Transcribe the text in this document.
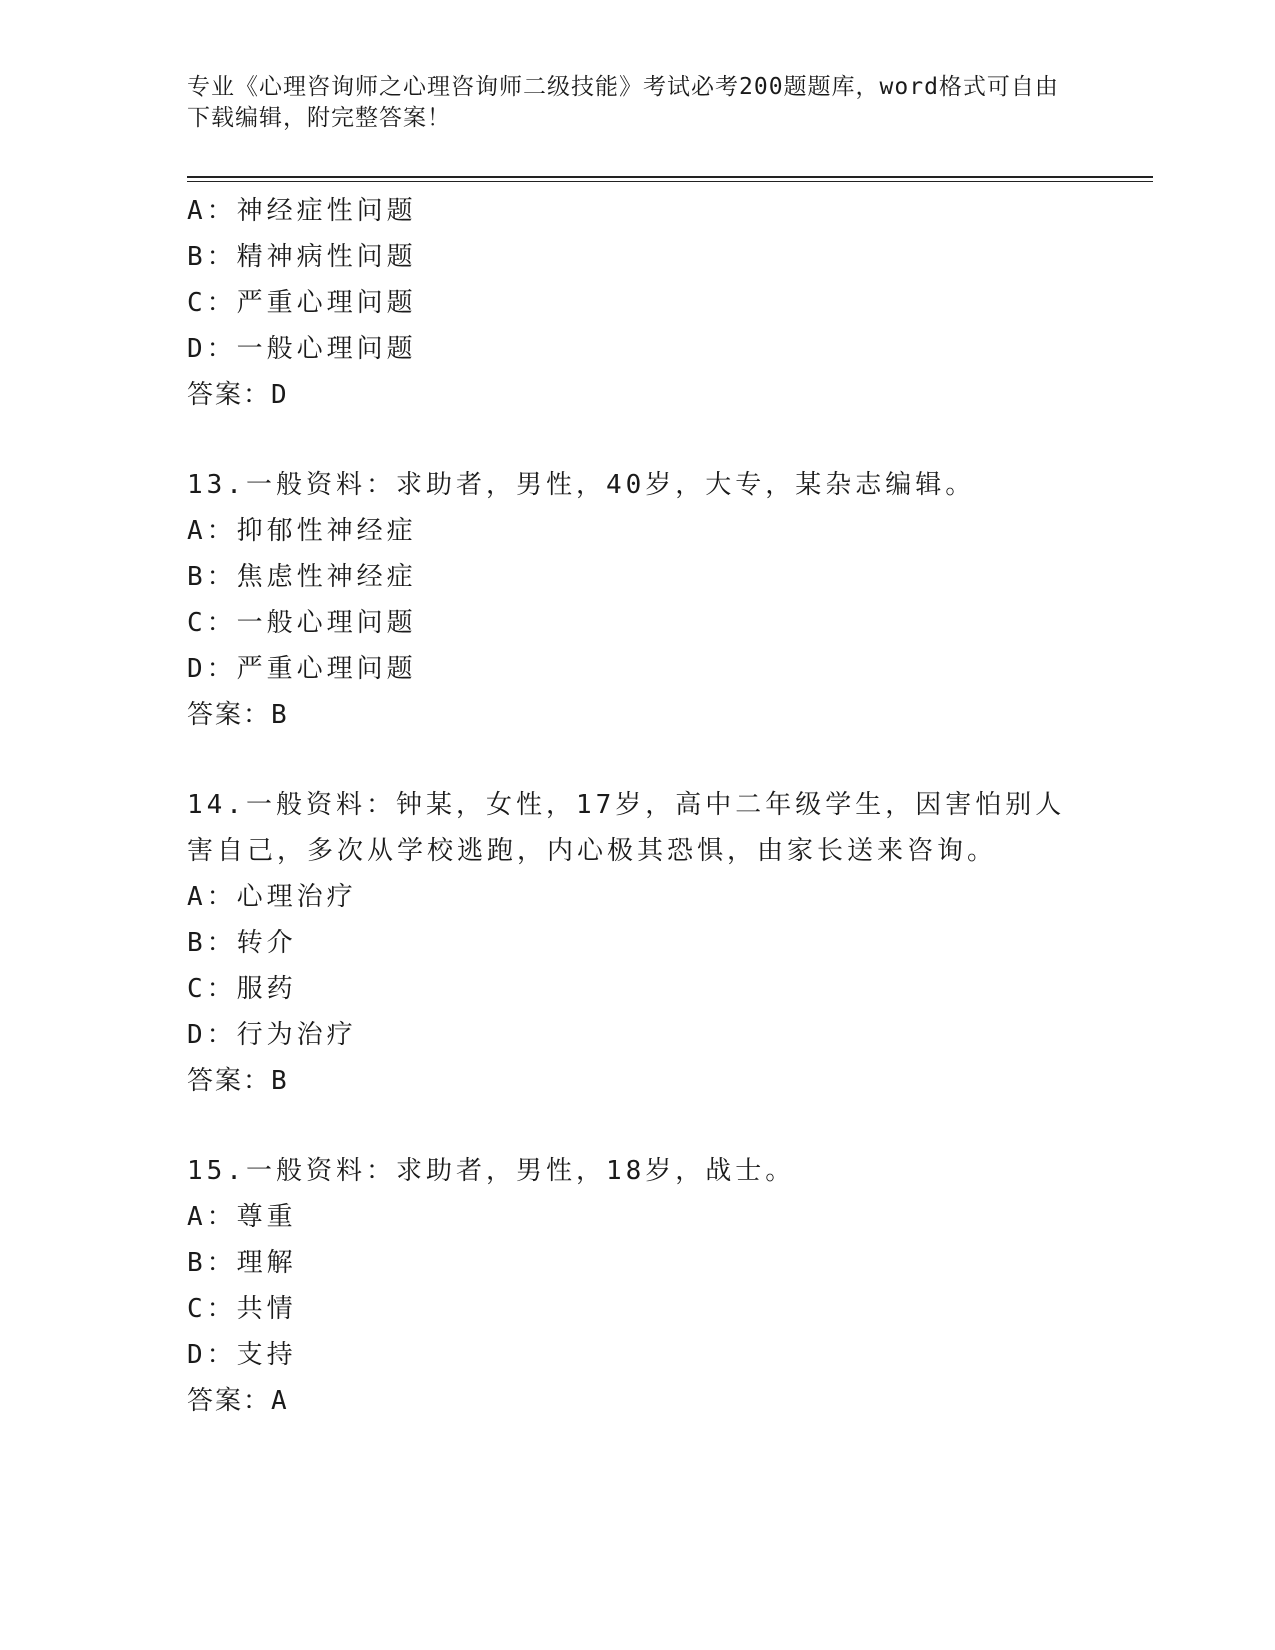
专业《心理咨询师之心理咨询师二级技能》考试必考200题题库，word格式可自由下载编辑，附完整答案！
A：神经症性问题
B：精神病性问题
C：严重心理问题
D：一般心理问题
答案：D
13.一般资料：求助者，男性，40岁，大专，某杂志编辑。
A：抑郁性神经症
B：焦虑性神经症
C：一般心理问题
D：严重心理问题
答案：B
14.一般资料：钟某，女性，17岁，高中二年级学生，因害怕别人害自己，多次从学校逃跑，内心极其恐惧，由家长送来咨询。
A：心理治疗
B：转介
C：服药
D：行为治疗
答案：B
15.一般资料：求助者，男性，18岁，战士。
A：尊重
B：理解
C：共情
D：支持
答案：A
